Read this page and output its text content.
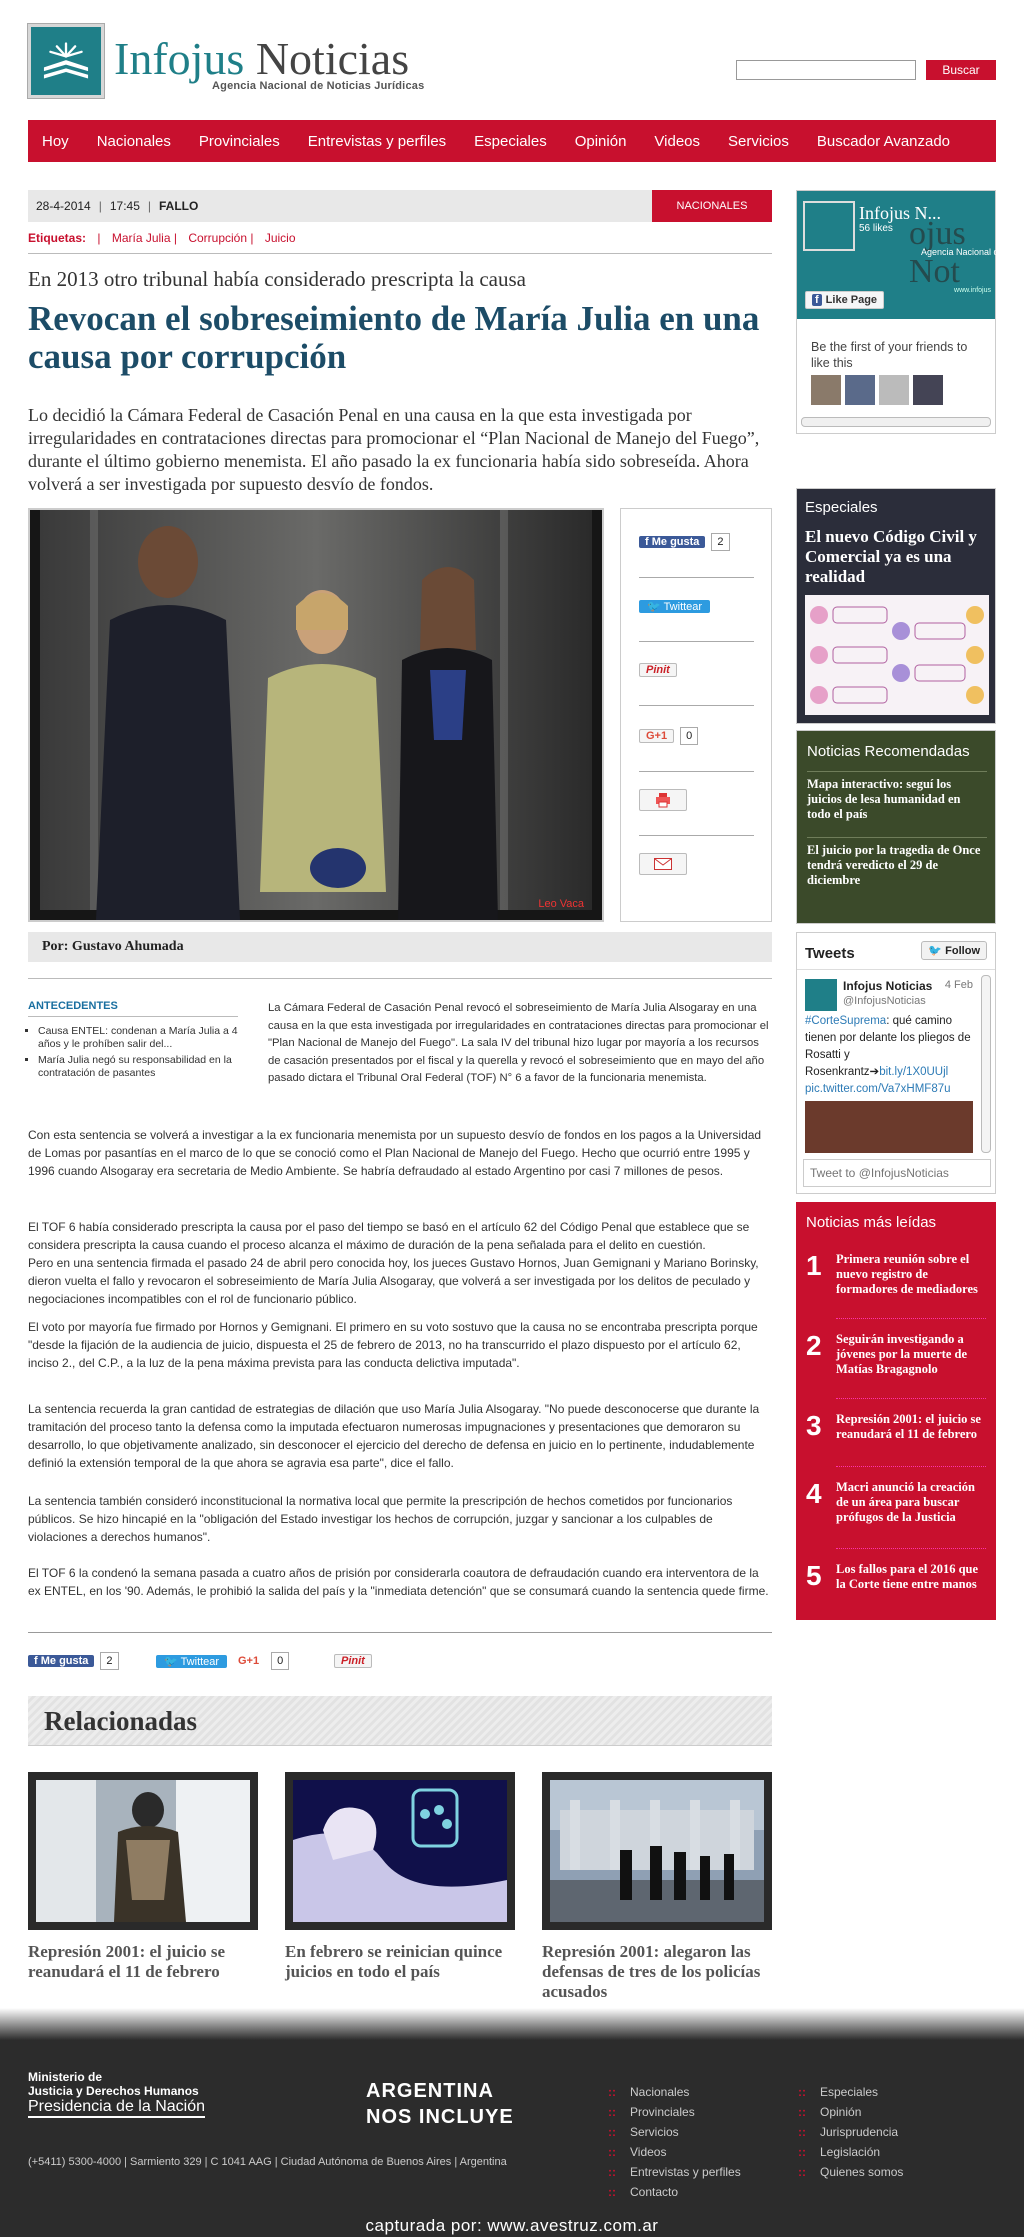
Infojus Noticias
Agencia Nacional de Noticias Jurídicas
Buscar
Hoy Nacionales Provinciales Entrevistas y perfiles Especiales Opinión Videos Servicios Buscador Avanzado
28-4-2014 | 17:45 | FALLO	NACIONALES
Etiquetas: | María Julia | Corrupción | Juicio
En 2013 otro tribunal había considerado prescripta la causa
Revocan el sobreseimiento de María Julia en una causa por corrupción

Lo decidió la Cámara Federal de Casación Penal en una causa en la que esta investigada por irregularidades en contrataciones directas para promocionar el “Plan Nacional de Manejo del Fuego”, durante el último gobierno menemista. El año pasado la ex funcionaria había sido sobreseída. Ahora volverá a ser investigada por supuesto desvío de fondos.

Leo Vaca
f Me gusta	2
🐦 Twittear
Pinit
G+1	0
Por: Gustavo Ahumada
ANTECEDENTES
▪ Causa ENTEL: condenan a María Julia a 4 años y le prohíben salir del...
▪ María Julia negó su responsabilidad en la contratación de pasantes

La Cámara Federal de Casación Penal revocó el sobreseimiento de María Julia Alsogaray en una causa en la que esta investigada por irregularidades en contrataciones directas para promocionar el "Plan Nacional de Manejo del Fuego". La sala IV del tribunal hizo lugar por mayoría a los recursos de casación presentados por el fiscal y la querella y revocó el sobreseimiento que en mayo del año pasado dictara el Tribunal Oral Federal (TOF) N° 6 a favor de la funcionaria menemista.

Con esta sentencia se volverá a investigar a la ex funcionaria menemista por un supuesto desvío de fondos en los pagos a la Universidad de Lomas por pasantías en el marco de lo que se conoció como el Plan Nacional de Manejo del Fuego. Hecho que ocurrió entre 1995 y 1996 cuando Alsogaray era secretaria de Medio Ambiente. Se habría defraudado al estado Argentino por casi 7 millones de pesos.

El TOF 6 había considerado prescripta la causa por el paso del tiempo se basó en el artículo 62 del Código Penal que establece que se considera prescripta la causa cuando el proceso alcanza el máximo de duración de la pena señalada para el delito en cuestión.

Pero en una sentencia firmada el pasado 24 de abril pero conocida hoy, los jueces Gustavo Hornos, Juan Gemignani y Mariano Borinsky, dieron vuelta el fallo y revocaron el sobreseimiento de María Julia Alsogaray, que volverá a ser investigada por los delitos de peculado y negociaciones incompatibles con el rol de funcionario público.

El voto por mayoría fue firmado por Hornos y Gemignani. El primero en su voto sostuvo que la causa no se encontraba prescripta porque "desde la fijación de la audiencia de juicio, dispuesta el 25 de febrero de 2013, no ha transcurrido el plazo dispuesto por el artículo 62, inciso 2., del C.P., a la luz de la pena máxima prevista para las conducta delictiva imputada".

La sentencia recuerda la gran cantidad de estrategias de dilación que uso María Julia Alsogaray. "No puede desconocerse que durante la tramitación del proceso tanto la defensa como la imputada efectuaron numerosas impugnaciones y presentaciones que demoraron su desarrollo, lo que objetivamente analizado, sin desconocer el ejercicio del derecho de defensa en juicio en lo pertinente, indudablemente definió la extensión temporal de la que ahora se agravia esa parte", dice el fallo.

La sentencia también consideró inconstitucional la normativa local que permite la prescripción de hechos cometidos por funcionarios públicos. Se hizo hincapié en la "obligación del Estado investigar los hechos de corrupción, juzgar y sancionar a los culpables de violaciones a derechos humanos".

El TOF 6 la condenó la semana pasada a cuatro años de prisión por considerarla coautora de defraudación cuando era interventora de la ex ENTEL, en los '90. Además, le prohibió la salida del país y la "inmediata detención" que se consumará cuando la sentencia quede firme.

f Me gusta	2	🐦 Twittear	G+1	0	Pinit
Relacionadas
Represión 2001: el juicio se reanudará el 11 de febrero
En febrero se reinician quince juicios en todo el país
Represión 2001: alegaron las defensas de tres de los policías acusados
ojus Not
Infojus N...
56 likes
Agencia Nacional de No
www.infojus
f Like Page
Be the first of your friends to like this
Especiales
El nuevo Código Civil y Comercial ya es una realidad
Noticias Recomendadas
Mapa interactivo: seguí los juicios de lesa humanidad en todo el país
El juicio por la tragedia de Once tendrá veredicto el 29 de diciembre
Tweets	🐦 Follow
Infojus Noticias
@InfojusNoticias
4 Feb
#CorteSuprema: qué camino tienen por delante los pliegos de Rosatti y Rosenkrantz➔bit.ly/1X0UUjl pic.twitter.com/Va7xHMF87u
Tweet to @InfojusNoticias
Noticias más leídas
1 Primera reunión sobre el nuevo registro de formadores de mediadores
2 Seguirán investigando a jóvenes por la muerte de Matías Bragagnolo
3 Represión 2001: el juicio se reanudará el 11 de febrero
4 Macri anunció la creación de un área para buscar prófugos de la Justicia
5 Los fallos para el 2016 que la Corte tiene entre manos
Ministerio de
Justicia y Derechos Humanos
Presidencia de la Nación
ARGENTINA
NOS INCLUYE
(+5411) 5300-4000 | Sarmiento 329 | C 1041 AAG | Ciudad Autónoma de Buenos Aires | Argentina
:: Nacionales
:: Provinciales
:: Servicios
:: Videos
:: Entrevistas y perfiles
:: Contacto
:: Especiales
:: Opinión
:: Jurisprudencia
:: Legislación
:: Quienes somos
capturada por: www.avestruz.com.ar
